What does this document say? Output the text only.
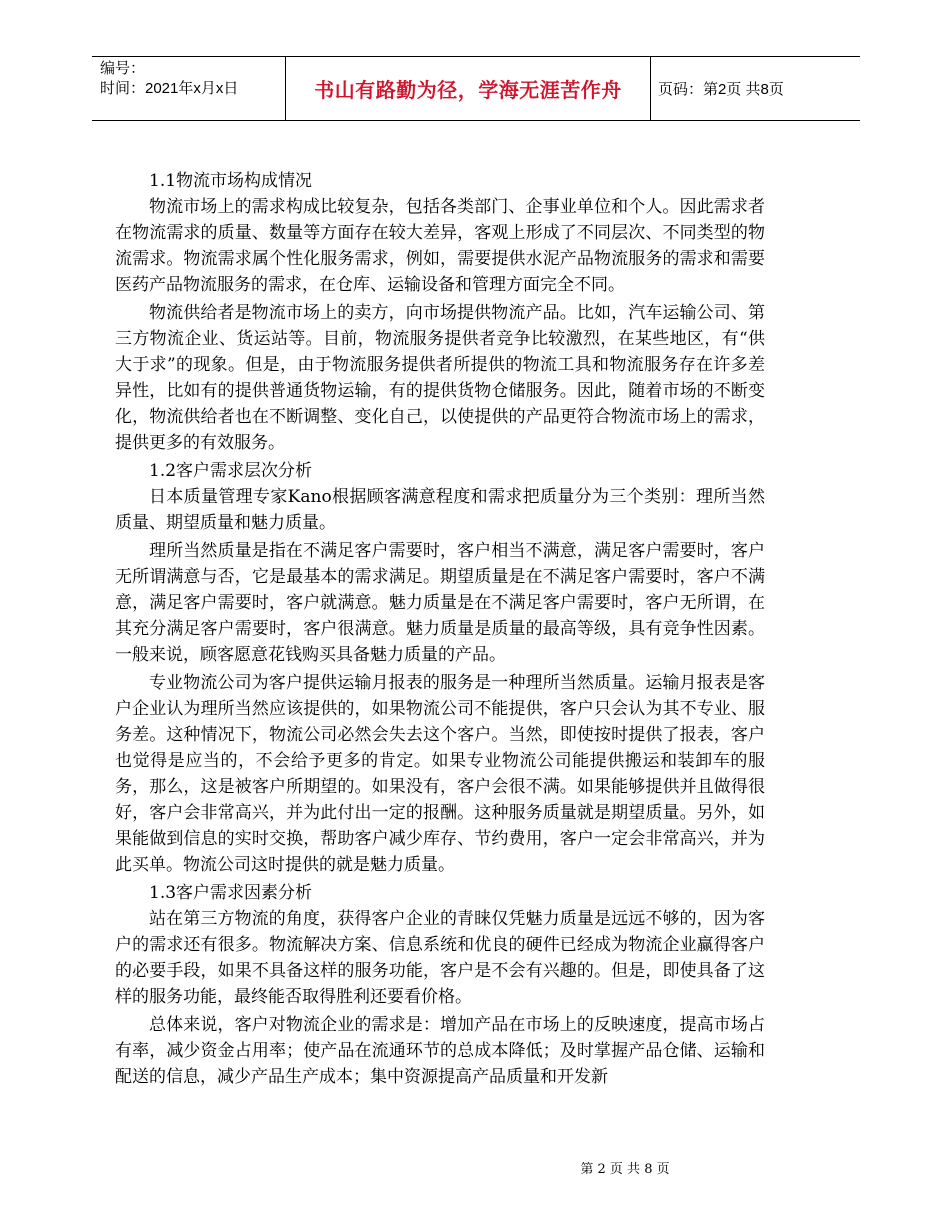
编号：
时间：2021年x月x日	书山有路勤为径，学海无涯苦作舟	页码：第2页 共8页

1.1物流市场构成情况

物流市场上的需求构成比较复杂，包括各类部门、企事业单位和个人。因此需求者在物流需求的质量、数量等方面存在较大差异，客观上形成了不同层次、不同类型的物流需求。物流需求属个性化服务需求，例如，需要提供水泥产品物流服务的需求和需要医药产品物流服务的需求，在仓库、运输设备和管理方面完全不同。

物流供给者是物流市场上的卖方，向市场提供物流产品。比如，汽车运输公司、第三方物流企业、货运站等。目前，物流服务提供者竞争比较激烈，在某些地区，有“供大于求”的现象。但是，由于物流服务提供者所提供的物流工具和物流服务存在许多差异性，比如有的提供普通货物运输，有的提供货物仓储服务。因此，随着市场的不断变化，物流供给者也在不断调整、变化自己，以使提供的产品更符合物流市场上的需求，提供更多的有效服务。

1.2客户需求层次分析

日本质量管理专家Kano根据顾客满意程度和需求把质量分为三个类别：理所当然质量、期望质量和魅力质量。

理所当然质量是指在不满足客户需要时，客户相当不满意，满足客户需要时，客户无所谓满意与否，它是最基本的需求满足。期望质量是在不满足客户需要时，客户不满意，满足客户需要时，客户就满意。魅力质量是在不满足客户需要时，客户无所谓，在其充分满足客户需要时，客户很满意。魅力质量是质量的最高等级，具有竞争性因素。一般来说，顾客愿意花钱购买具备魅力质量的产品。

专业物流公司为客户提供运输月报表的服务是一种理所当然质量。运输月报表是客户企业认为理所当然应该提供的，如果物流公司不能提供，客户只会认为其不专业、服务差。这种情况下，物流公司必然会失去这个客户。当然，即使按时提供了报表，客户也觉得是应当的，不会给予更多的肯定。如果专业物流公司能提供搬运和装卸车的服务，那么，这是被客户所期望的。如果没有，客户会很不满。如果能够提供并且做得很好，客户会非常高兴，并为此付出一定的报酬。这种服务质量就是期望质量。另外，如果能做到信息的实时交换，帮助客户减少库存、节约费用，客户一定会非常高兴，并为此买单。物流公司这时提供的就是魅力质量。

1.3客户需求因素分析

站在第三方物流的角度，获得客户企业的青睐仅凭魅力质量是远远不够的，因为客户的需求还有很多。物流解决方案、信息系统和优良的硬件已经成为物流企业赢得客户的必要手段，如果不具备这样的服务功能，客户是不会有兴趣的。但是，即使具备了这样的服务功能，最终能否取得胜利还要看价格。

总体来说，客户对物流企业的需求是：增加产品在市场上的反映速度，提高市场占有率，减少资金占用率；使产品在流通环节的总成本降低；及时掌握产品仓储、运输和配送的信息，减少产品生产成本；集中资源提高产品质量和开发新

第 2 页 共 8 页
